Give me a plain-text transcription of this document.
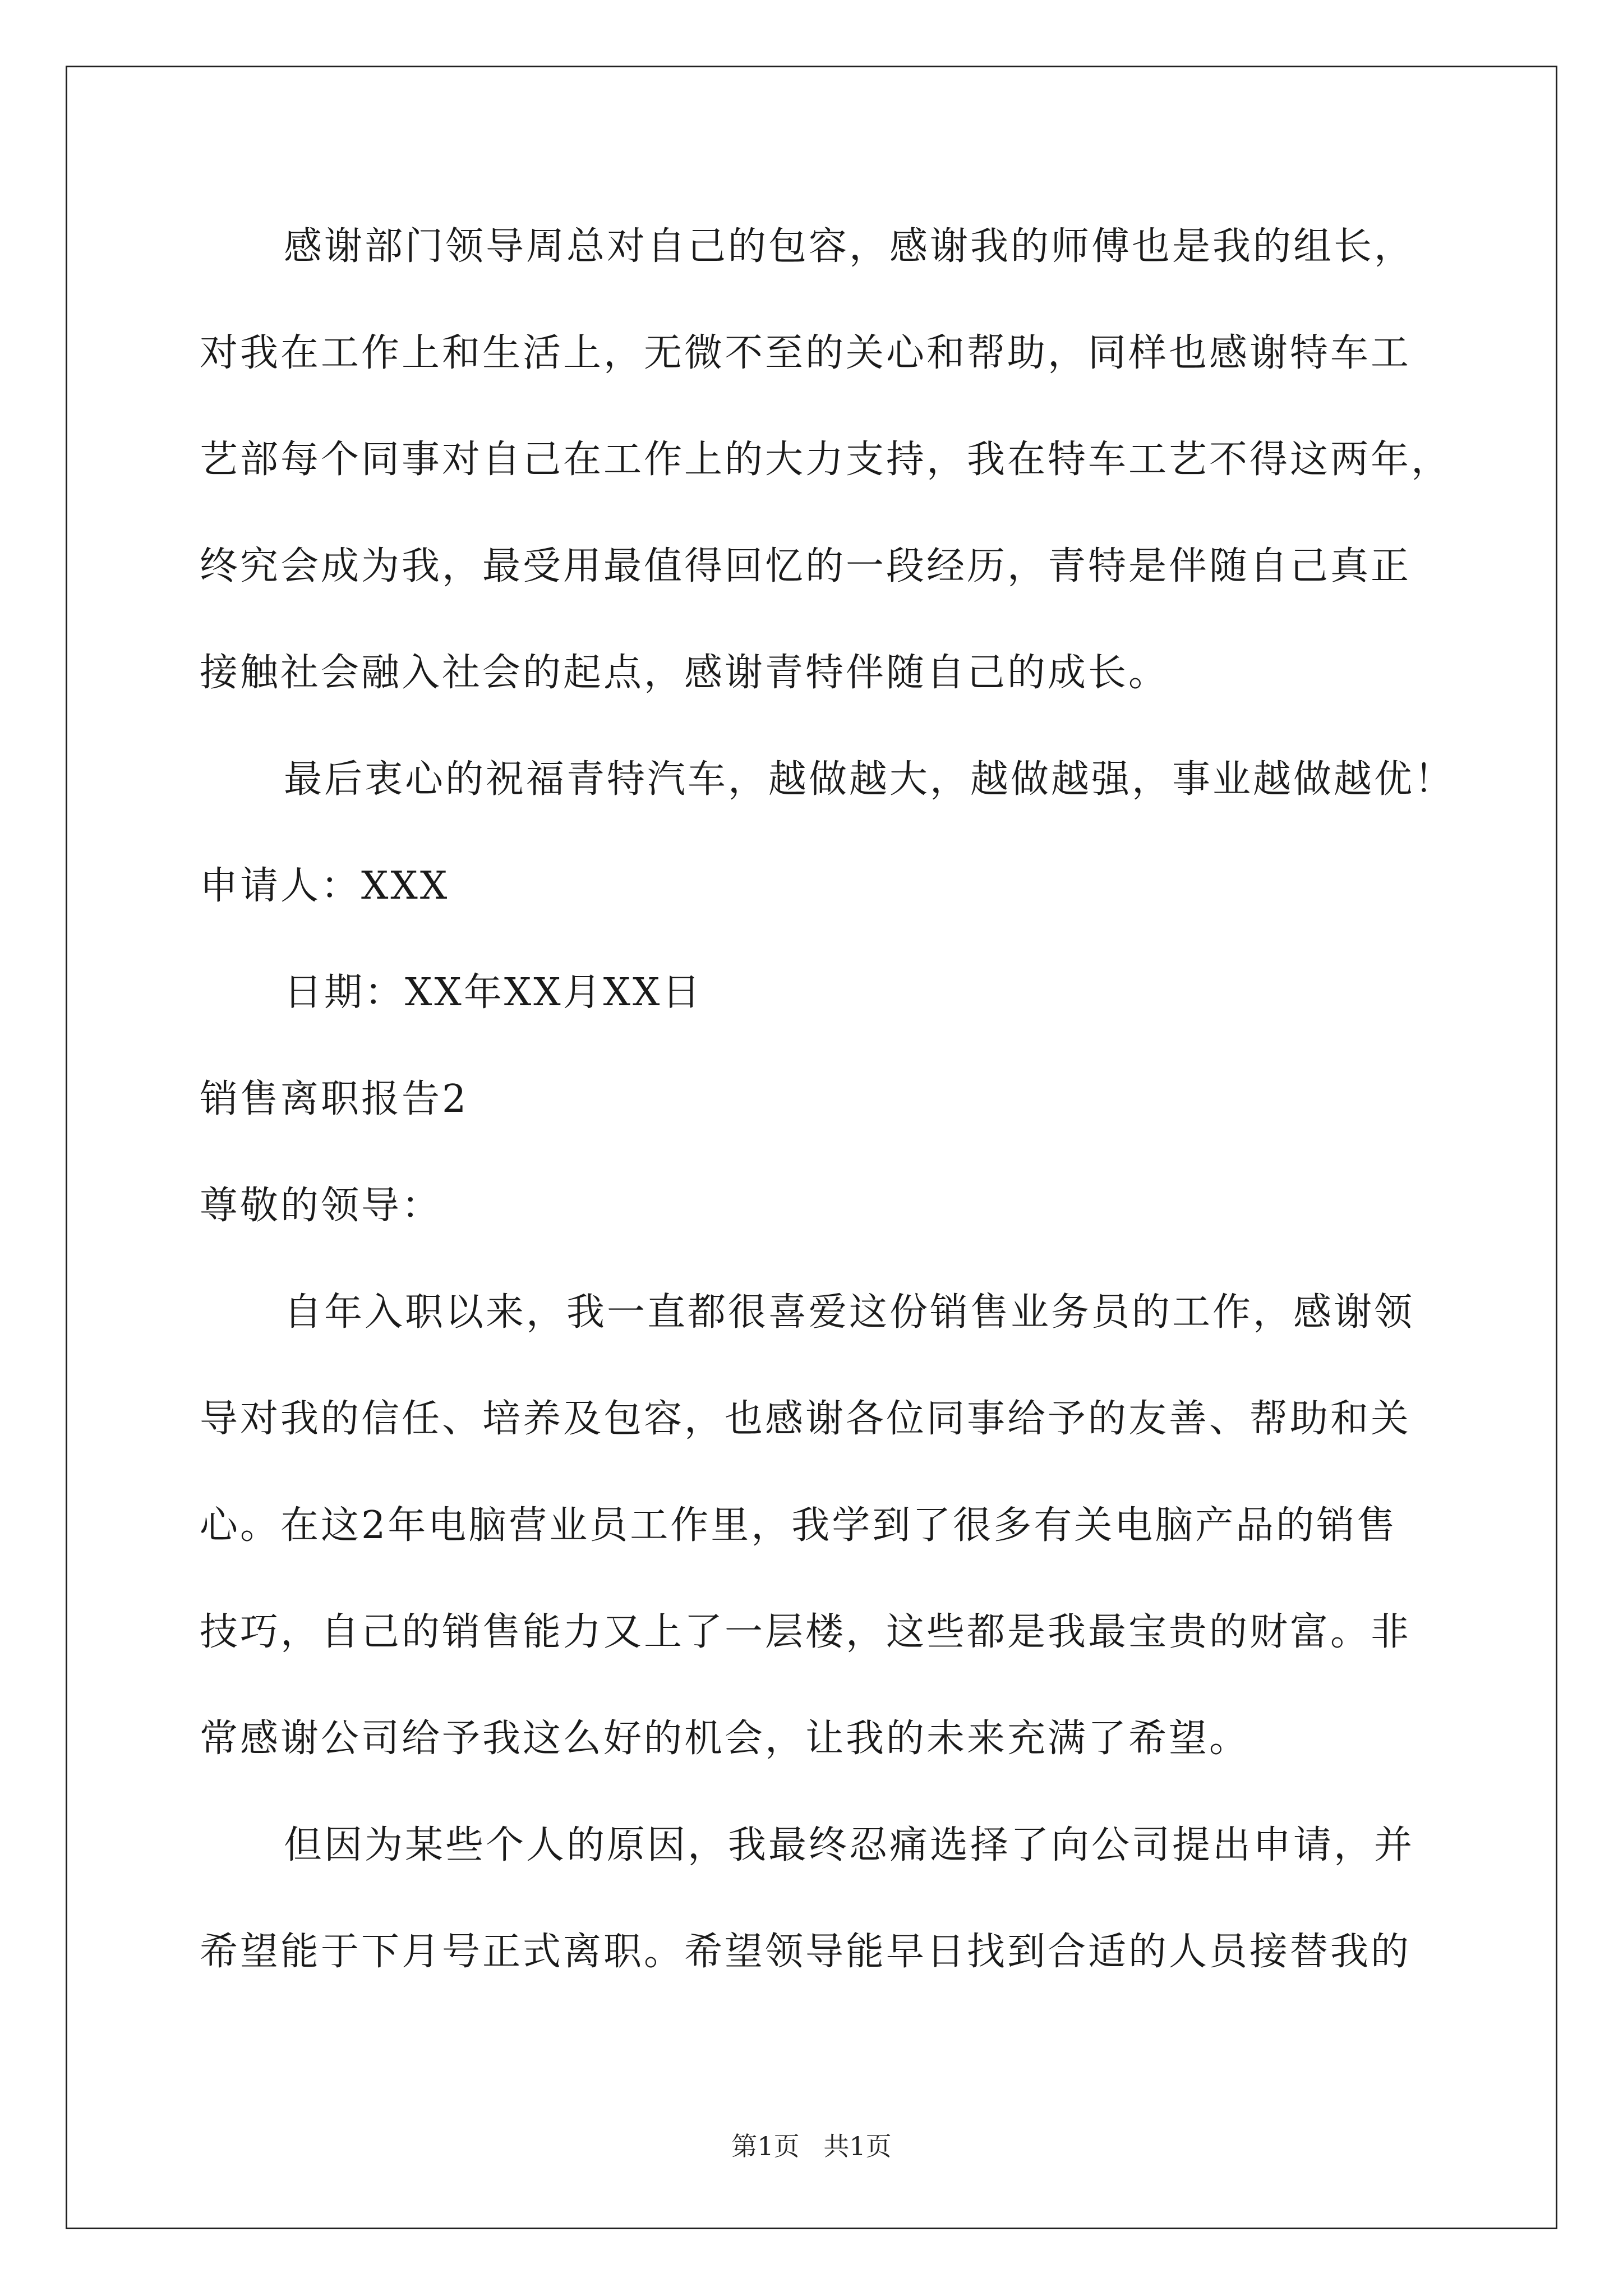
感谢部门领导周总对自己的包容，感谢我的师傅也是我的组长，
对我在工作上和生活上，无微不至的关心和帮助，同样也感谢特车工
艺部每个同事对自己在工作上的大力支持，我在特车工艺不得这两年，
终究会成为我，最受用最值得回忆的一段经历，青特是伴随自己真正
接触社会融入社会的起点，感谢青特伴随自己的成长。
最后衷心的祝福青特汽车，越做越大，越做越强，事业越做越优！
申请人：XXX
日期：XX年XX月XX日
销售离职报告2
尊敬的领导：
自年入职以来，我一直都很喜爱这份销售业务员的工作，感谢领
导对我的信任、培养及包容，也感谢各位同事给予的友善、帮助和关
心。在这2年电脑营业员工作里，我学到了很多有关电脑产品的销售
技巧，自己的销售能力又上了一层楼，这些都是我最宝贵的财富。非
常感谢公司给予我这么好的机会，让我的未来充满了希望。
但因为某些个人的原因，我最终忍痛选择了向公司提出申请，并
希望能于下月号正式离职。希望领导能早日找到合适的人员接替我的
第1页 共1页
